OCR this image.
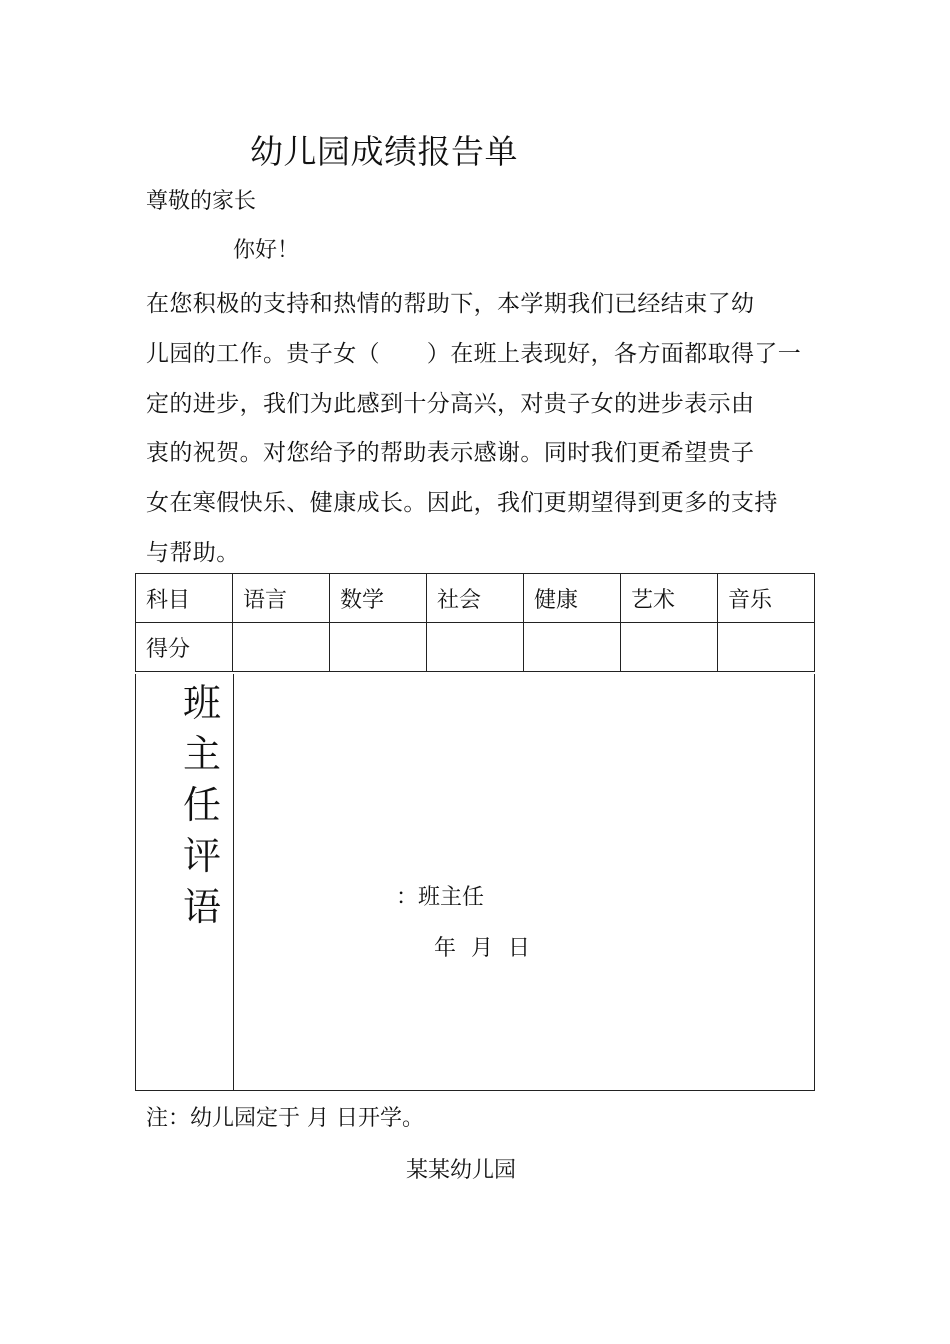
幼儿园成绩报告单
尊敬的家长
你好！
在您积极的支持和热情的帮助下，本学期我们已经结束了幼
儿园的工作。贵子女（　　）在班上表现好，各方面都取得了一
定的进步，我们为此感到十分高兴，对贵子女的进步表示由
衷的祝贺。对您给予的帮助表示感谢。同时我们更希望贵子
女在寒假快乐、健康成长。因此，我们更期望得到更多的支持
与帮助。
科目	语言	数学	社会	健康	艺术	音乐
得分						
班
主
任
评
语	：班主任
年 月 日
注：幼儿园定于 月 日开学。
某某幼儿园
